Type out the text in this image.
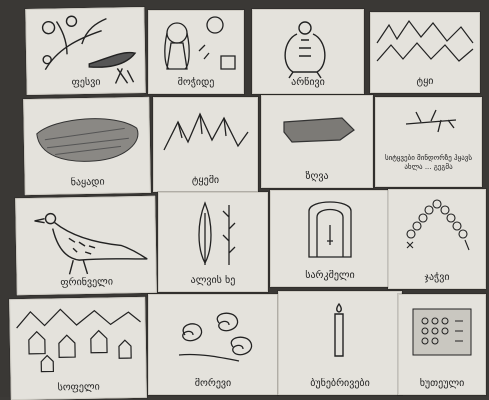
ფესვი	მოჭიდე	არწივი	ტყი
ნაყადი	ტყემი	ზღვა
სიტყვები მინდორზე ჰყავს ახლა ... გეგმა
ფრინველი	ალვის ხე	სარკმელი	ჯაჭვი
სოფელი	მორევი	ბუნებრივები	ხუთეული
